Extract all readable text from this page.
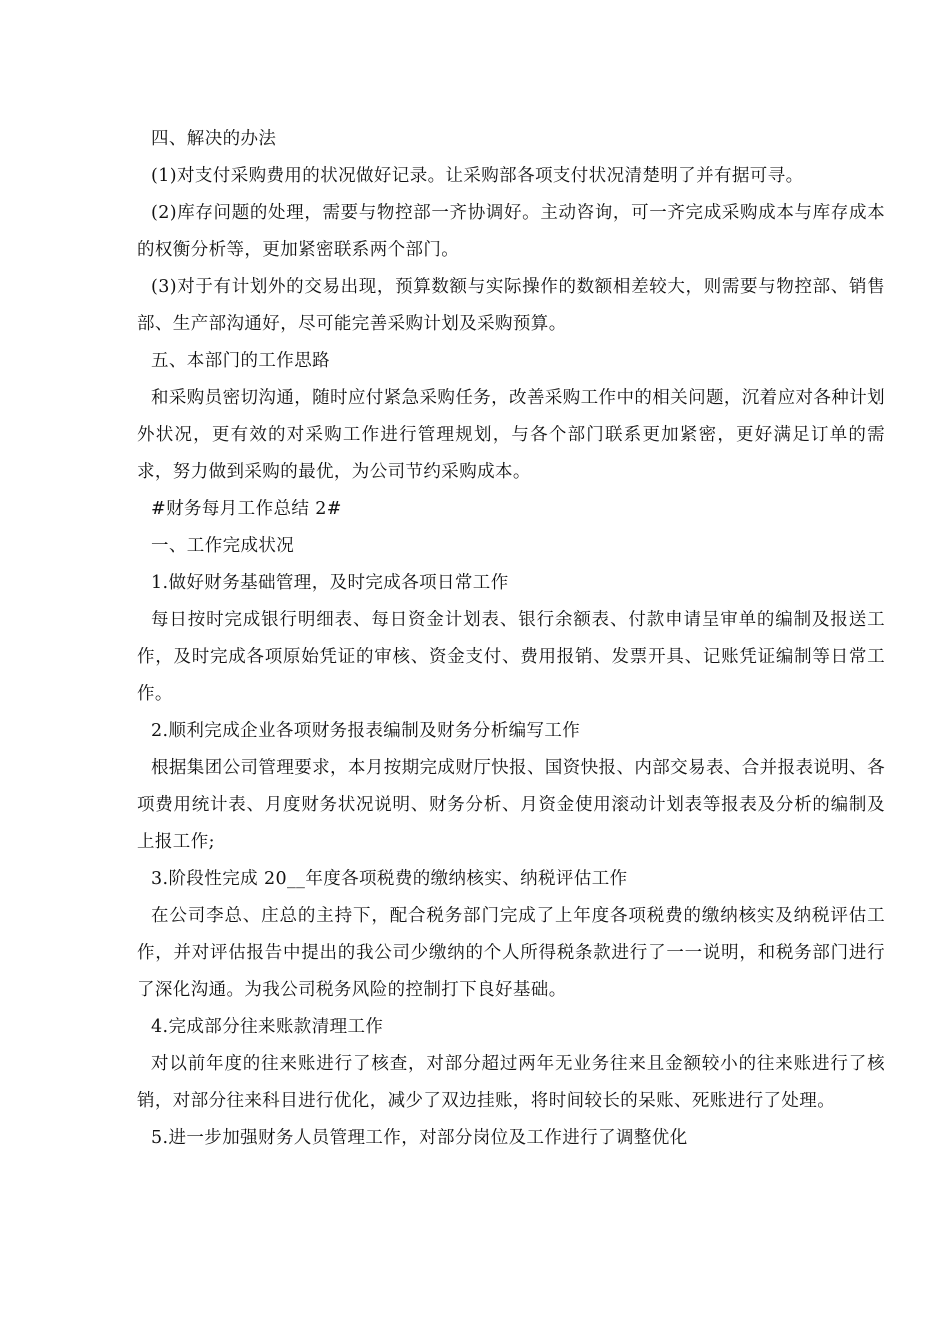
四、解决的办法

(1)对支付采购费用的状况做好记录。让采购部各项支付状况清楚明了并有据可寻。

(2)库存问题的处理，需要与物控部一齐协调好。主动咨询，可一齐完成采购成本与库存成本的权衡分析等，更加紧密联系两个部门。

(3)对于有计划外的交易出现，预算数额与实际操作的数额相差较大，则需要与物控部、销售部、生产部沟通好，尽可能完善采购计划及采购预算。

五、本部门的工作思路

和采购员密切沟通，随时应付紧急采购任务，改善采购工作中的相关问题，沉着应对各种计划外状况，更有效的对采购工作进行管理规划，与各个部门联系更加紧密，更好满足订单的需求，努力做到采购的最优，为公司节约采购成本。

#财务每月工作总结 2#

一、工作完成状况

1.做好财务基础管理，及时完成各项日常工作

每日按时完成银行明细表、每日资金计划表、银行余额表、付款申请呈审单的编制及报送工作，及时完成各项原始凭证的审核、资金支付、费用报销、发票开具、记账凭证编制等日常工作。

2.顺利完成企业各项财务报表编制及财务分析编写工作

根据集团公司管理要求，本月按期完成财厅快报、国资快报、内部交易表、合并报表说明、各项费用统计表、月度财务状况说明、财务分析、月资金使用滚动计划表等报表及分析的编制及上报工作;

3.阶段性完成 20__年度各项税费的缴纳核实、纳税评估工作

在公司李总、庄总的主持下，配合税务部门完成了上年度各项税费的缴纳核实及纳税评估工作，并对评估报告中提出的我公司少缴纳的个人所得税条款进行了一一说明，和税务部门进行了深化沟通。为我公司税务风险的控制打下良好基础。

4.完成部分往来账款清理工作

对以前年度的往来账进行了核查，对部分超过两年无业务往来且金额较小的往来账进行了核销，对部分往来科目进行优化，减少了双边挂账，将时间较长的呆账、死账进行了处理。

5.进一步加强财务人员管理工作，对部分岗位及工作进行了调整优化
